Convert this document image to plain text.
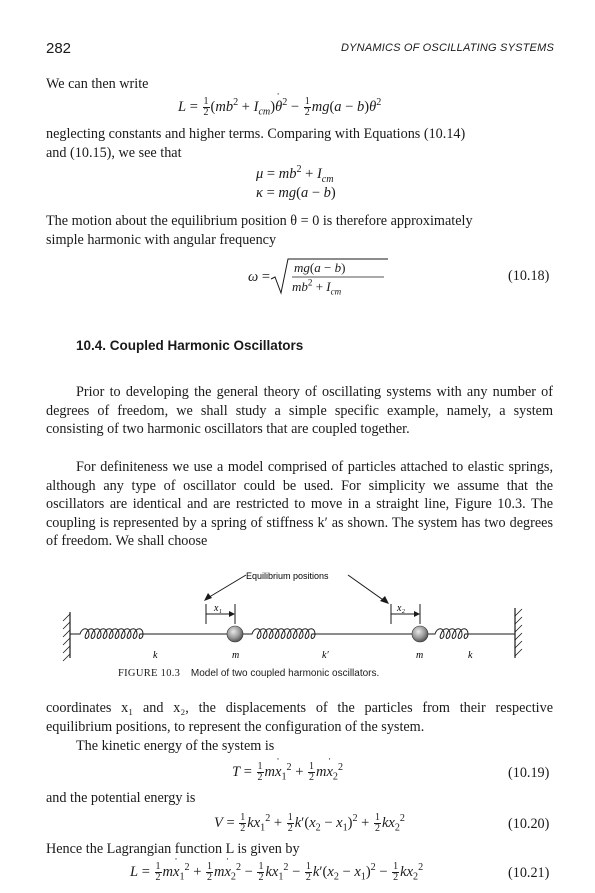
282	DYNAMICS OF OSCILLATING SYSTEMS
We can then write
$L = \frac{1}{2} (mb^2 + I_{cm})\theta$ ˙$^2$ − $\frac{1}{2} mg(a - b)\theta^2$
neglecting constants and higher terms. Comparing with Equations (10.14)
and (10.15), we see that
$\mu = mb^2 + I_{cm}$
κ = mg(a − b)
The motion about the equilibrium position θ = 0 is therefore approximately
simple harmonic with angular frequency
ω =
mg(a − b)
$mb^2 + I_{cm}$
(10.18)
10.4. Coupled Harmonic Oscillators
Prior to developing the general theory of oscillating systems with any number of degrees of freedom, we shall study a simple specific example, namely, a system consisting of two harmonic oscillators that are coupled together.
For definiteness we use a model comprised of particles attached to elastic springs, although any type of oscillator could be used. For simplicity we assume that the oscillators are identical and are restricted to move in a straight line, Figure 10.3. The coupling is represented by a spring of stiffness k′ as shown. The system has two degrees of freedom. We shall choose
Equilibrium positions
x₁	x₂
k	m	k′	m	k
FIGURE 10.3 Model of two coupled harmonic oscillators.
coordinates x₁ and x₂, the displacements of the particles from their respective equilibrium positions, to represent the configuration of the system.
The kinetic energy of the system is
$T = \frac{1}{2}$ mx $˙_1^2 + \frac{1}{2}$ mx $˙_2^2$	(10.19)
and the potential energy is
$V = \frac{1}{2} kx_1^2 + \frac{1}{2} k'(x_2 - x_1)^2 + \frac{1}{2} kx_2^2$	(10.20)
Hence the Lagrangian function L is given by
$L = \frac{1}{2}$ mx $˙_1^2 + \frac{1}{2}$ mx $˙_2^2 - \frac{1}{2} kx_1^2 - \frac{1}{2} k'(x_2 - x_1)^2 - \frac{1}{2} kx_2^2$	(10.21)
